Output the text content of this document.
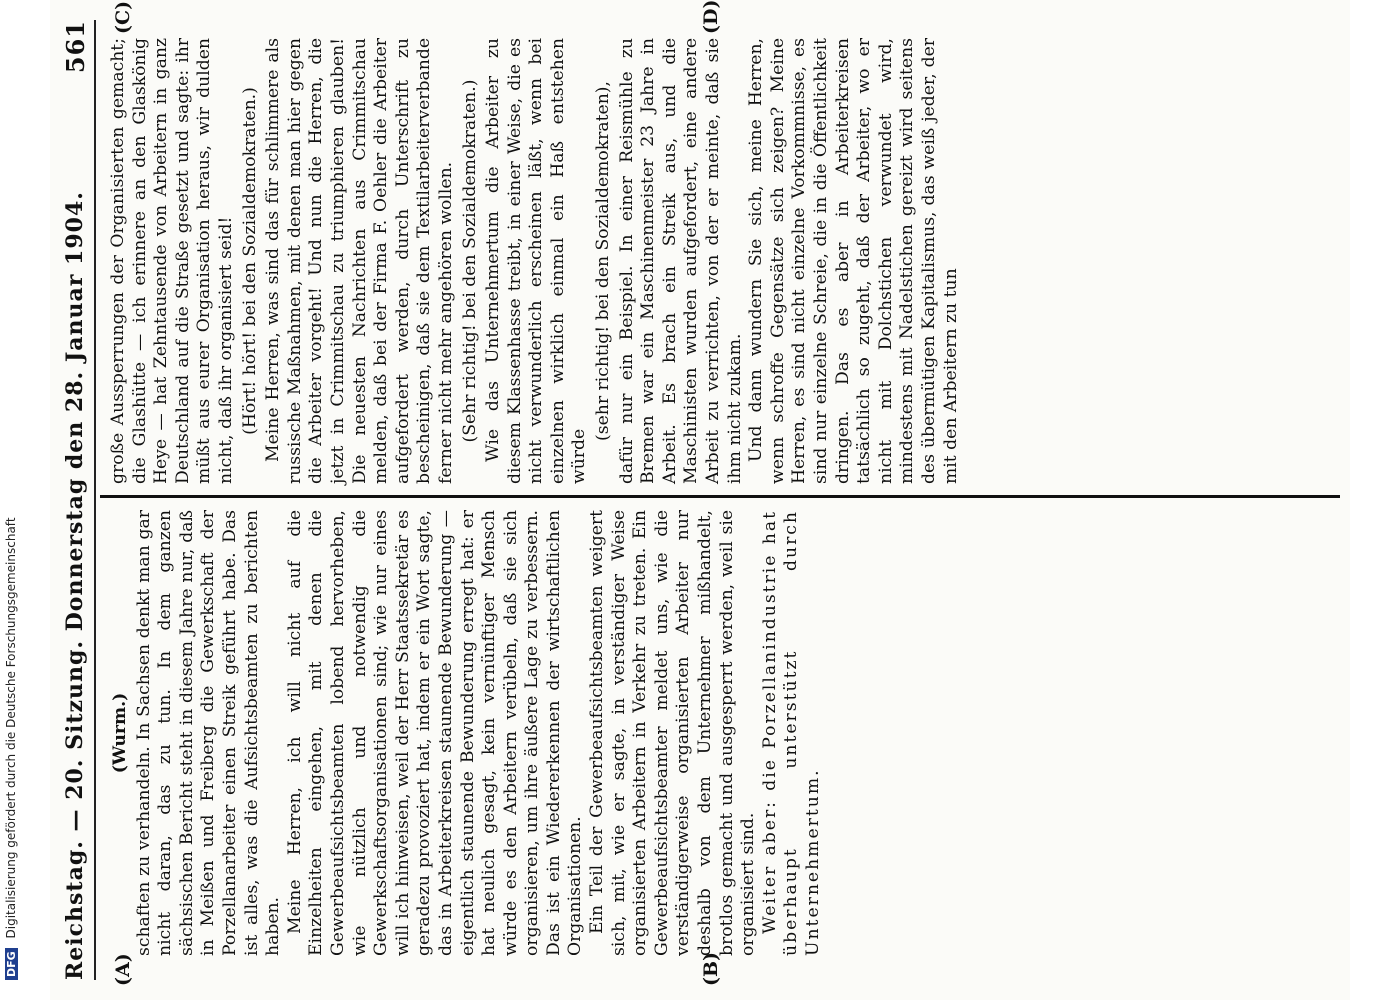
Reichstag. — 20. Sitzung. Donnerstag den 28. Januar 1904.
561
(A)	(B)
(C)	(D)
(Wurm.) schaften zu verhandeln. In Sachsen denkt man gar nicht daran, das zu tun. In dem ganzen sächsischen Bericht steht in diesem Jahre nur, daß in Meißen und Freiberg die Gewerkschaft der Porzellanarbeiter einen Streik geführt habe. Das ist alles, was die Aufsichtsbeamten zu berichten haben. Meine Herren, ich will nicht auf die Einzelheiten eingehen, mit denen die Gewerbeaufsichtsbeamten lobend hervorheben, wie nützlich und notwendig die Gewerkschaftsorganisationen sind; wie nur eines will ich hinweisen, weil der Herr Staatssekretär es geradezu provoziert hat, indem er ein Wort sagte, das in Arbeiterkreisen staunende Bewunderung — eigentlich staunende Bewunderung erregt hat: er hat neulich gesagt, kein vernünftiger Mensch würde es den Arbeitern verübeln, daß sie sich organisieren, um ihre äußere Lage zu verbessern. Das ist ein Wiedererkennen der wirtschaftlichen Organisationen. Ein Teil der Gewerbeaufsichtsbeamten weigert sich, mit, wie er sagte, in verständiger Weise organisierten Arbeitern in Verkehr zu treten. Ein Gewerbeaufsichtsbeamter meldet uns, wie die verständigerweise organisierten Arbeiter nur deshalb von dem Unternehmer mißhandelt, brotlos gemacht und ausgesperrt werden, weil sie organisiert sind. Weiter aber: die Porzellanindustrie hat überhaupt unterstützt durch Unternehmertum.

große Aussperrungen der Organisierten gemacht; die Glashütte — ich erinnere an den Glaskönig Heye — hat Zehntausende von Arbeitern in ganz Deutschland auf die Straße gesetzt und sagte: ihr müßt aus eurer Organisation heraus, wir dulden nicht, daß ihr organisiert seid! (Hört! hört! bei den Sozialdemokraten.) Meine Herren, was sind das für schlimmere als russische Maßnahmen, mit denen man hier gegen die Arbeiter vorgeht! Und nun die Herren, die jetzt in Crimmitschau zu triumphieren glauben! Die neuesten Nachrichten aus Crimmitschau melden, daß bei der Firma F. Oehler die Arbeiter aufgefordert werden, durch Unterschrift zu bescheinigen, daß sie dem Textilarbeiterverbande ferner nicht mehr angehören wollen. (Sehr richtig! bei den Sozialdemokraten.) Wie das Unternehmertum die Arbeiter zu diesem Klassenhasse treibt, in einer Weise, die es nicht verwunderlich erscheinen läßt, wenn bei einzelnen wirklich einmal ein Haß entstehen würde

(sehr richtig! bei den Sozialdemokraten), dafür nur ein Beispiel. In einer Reismühle zu Bremen war ein Maschinenmeister 23 Jahre in Arbeit. Es brach ein Streik aus, und die Maschinisten wurden aufgefordert, eine andere Arbeit zu verrichten, von der er meinte, daß sie ihm nicht zukam. Und dann wundern Sie sich, meine Herren, wenn schroffe Gegensätze sich zeigen? Meine Herren, es sind nicht einzelne Vorkommnisse, es sind nur einzelne Schreie, die in die Öffentlichkeit dringen. Das es aber in Arbeiterkreisen tatsächlich so zugeht, daß der Arbeiter, wo er nicht mit Dolchstichen verwundet wird, mindestens mit Nadelstichen gereizt wird seitens des übermütigen Kapitalismus, das weiß jeder, der mit den Arbeitern zu tun

DFG Digitalisierung gefördert durch die Deutsche Forschungsgemeinschaft
